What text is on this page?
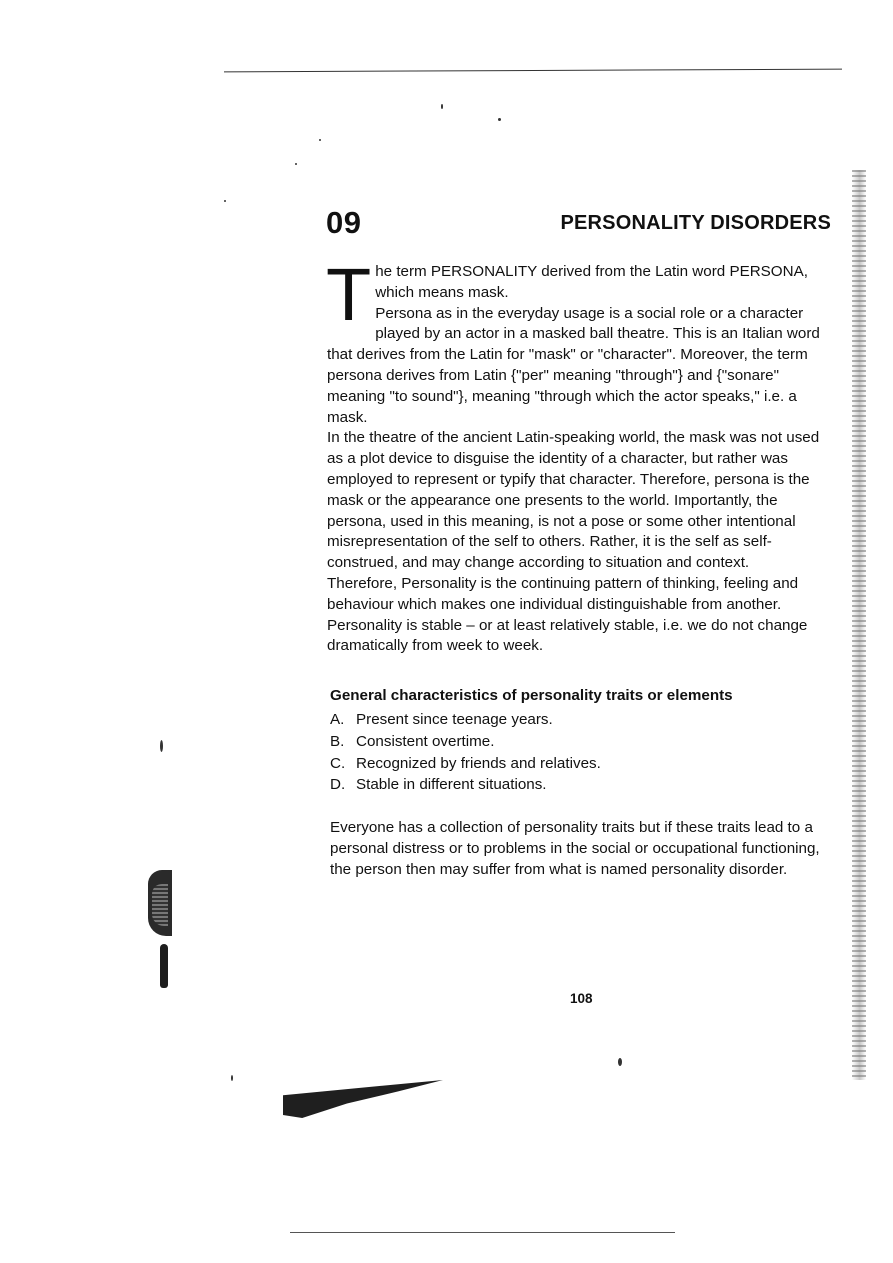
09	PERSONALITY DISORDERS
T he term PERSONALITY derived from the Latin word PERSONA, which means mask.

Persona as in the everyday usage is a social role or a character played by an actor in a masked ball theatre. This is an Italian word that derives from the Latin for "mask" or "character". Moreover, the term persona derives from Latin {"per" meaning "through"} and {"sonare" meaning "to sound"}, meaning "through which the actor speaks," i.e. a mask.

In the theatre of the ancient Latin-speaking world, the mask was not used as a plot device to disguise the identity of a character, but rather was employed to represent or typify that character. Therefore, persona is the mask or the appearance one presents to the world. Importantly, the persona, used in this meaning, is not a pose or some other intentional misrepresentation of the self to others. Rather, it is the self as self-construed, and may change according to situation and context.

Therefore, Personality is the continuing pattern of thinking, feeling and behaviour which makes one individual distinguishable from another. Personality is stable – or at least relatively stable, i.e. we do not change dramatically from week to week.

General characteristics of personality traits or elements
A. Present since teenage years.
B. Consistent overtime.
C. Recognized by friends and relatives.
D. Stable in different situations.

Everyone has a collection of personality traits but if these traits lead to a personal distress or to problems in the social or occupational functioning, the person then may suffer from what is named personality disorder.

108
